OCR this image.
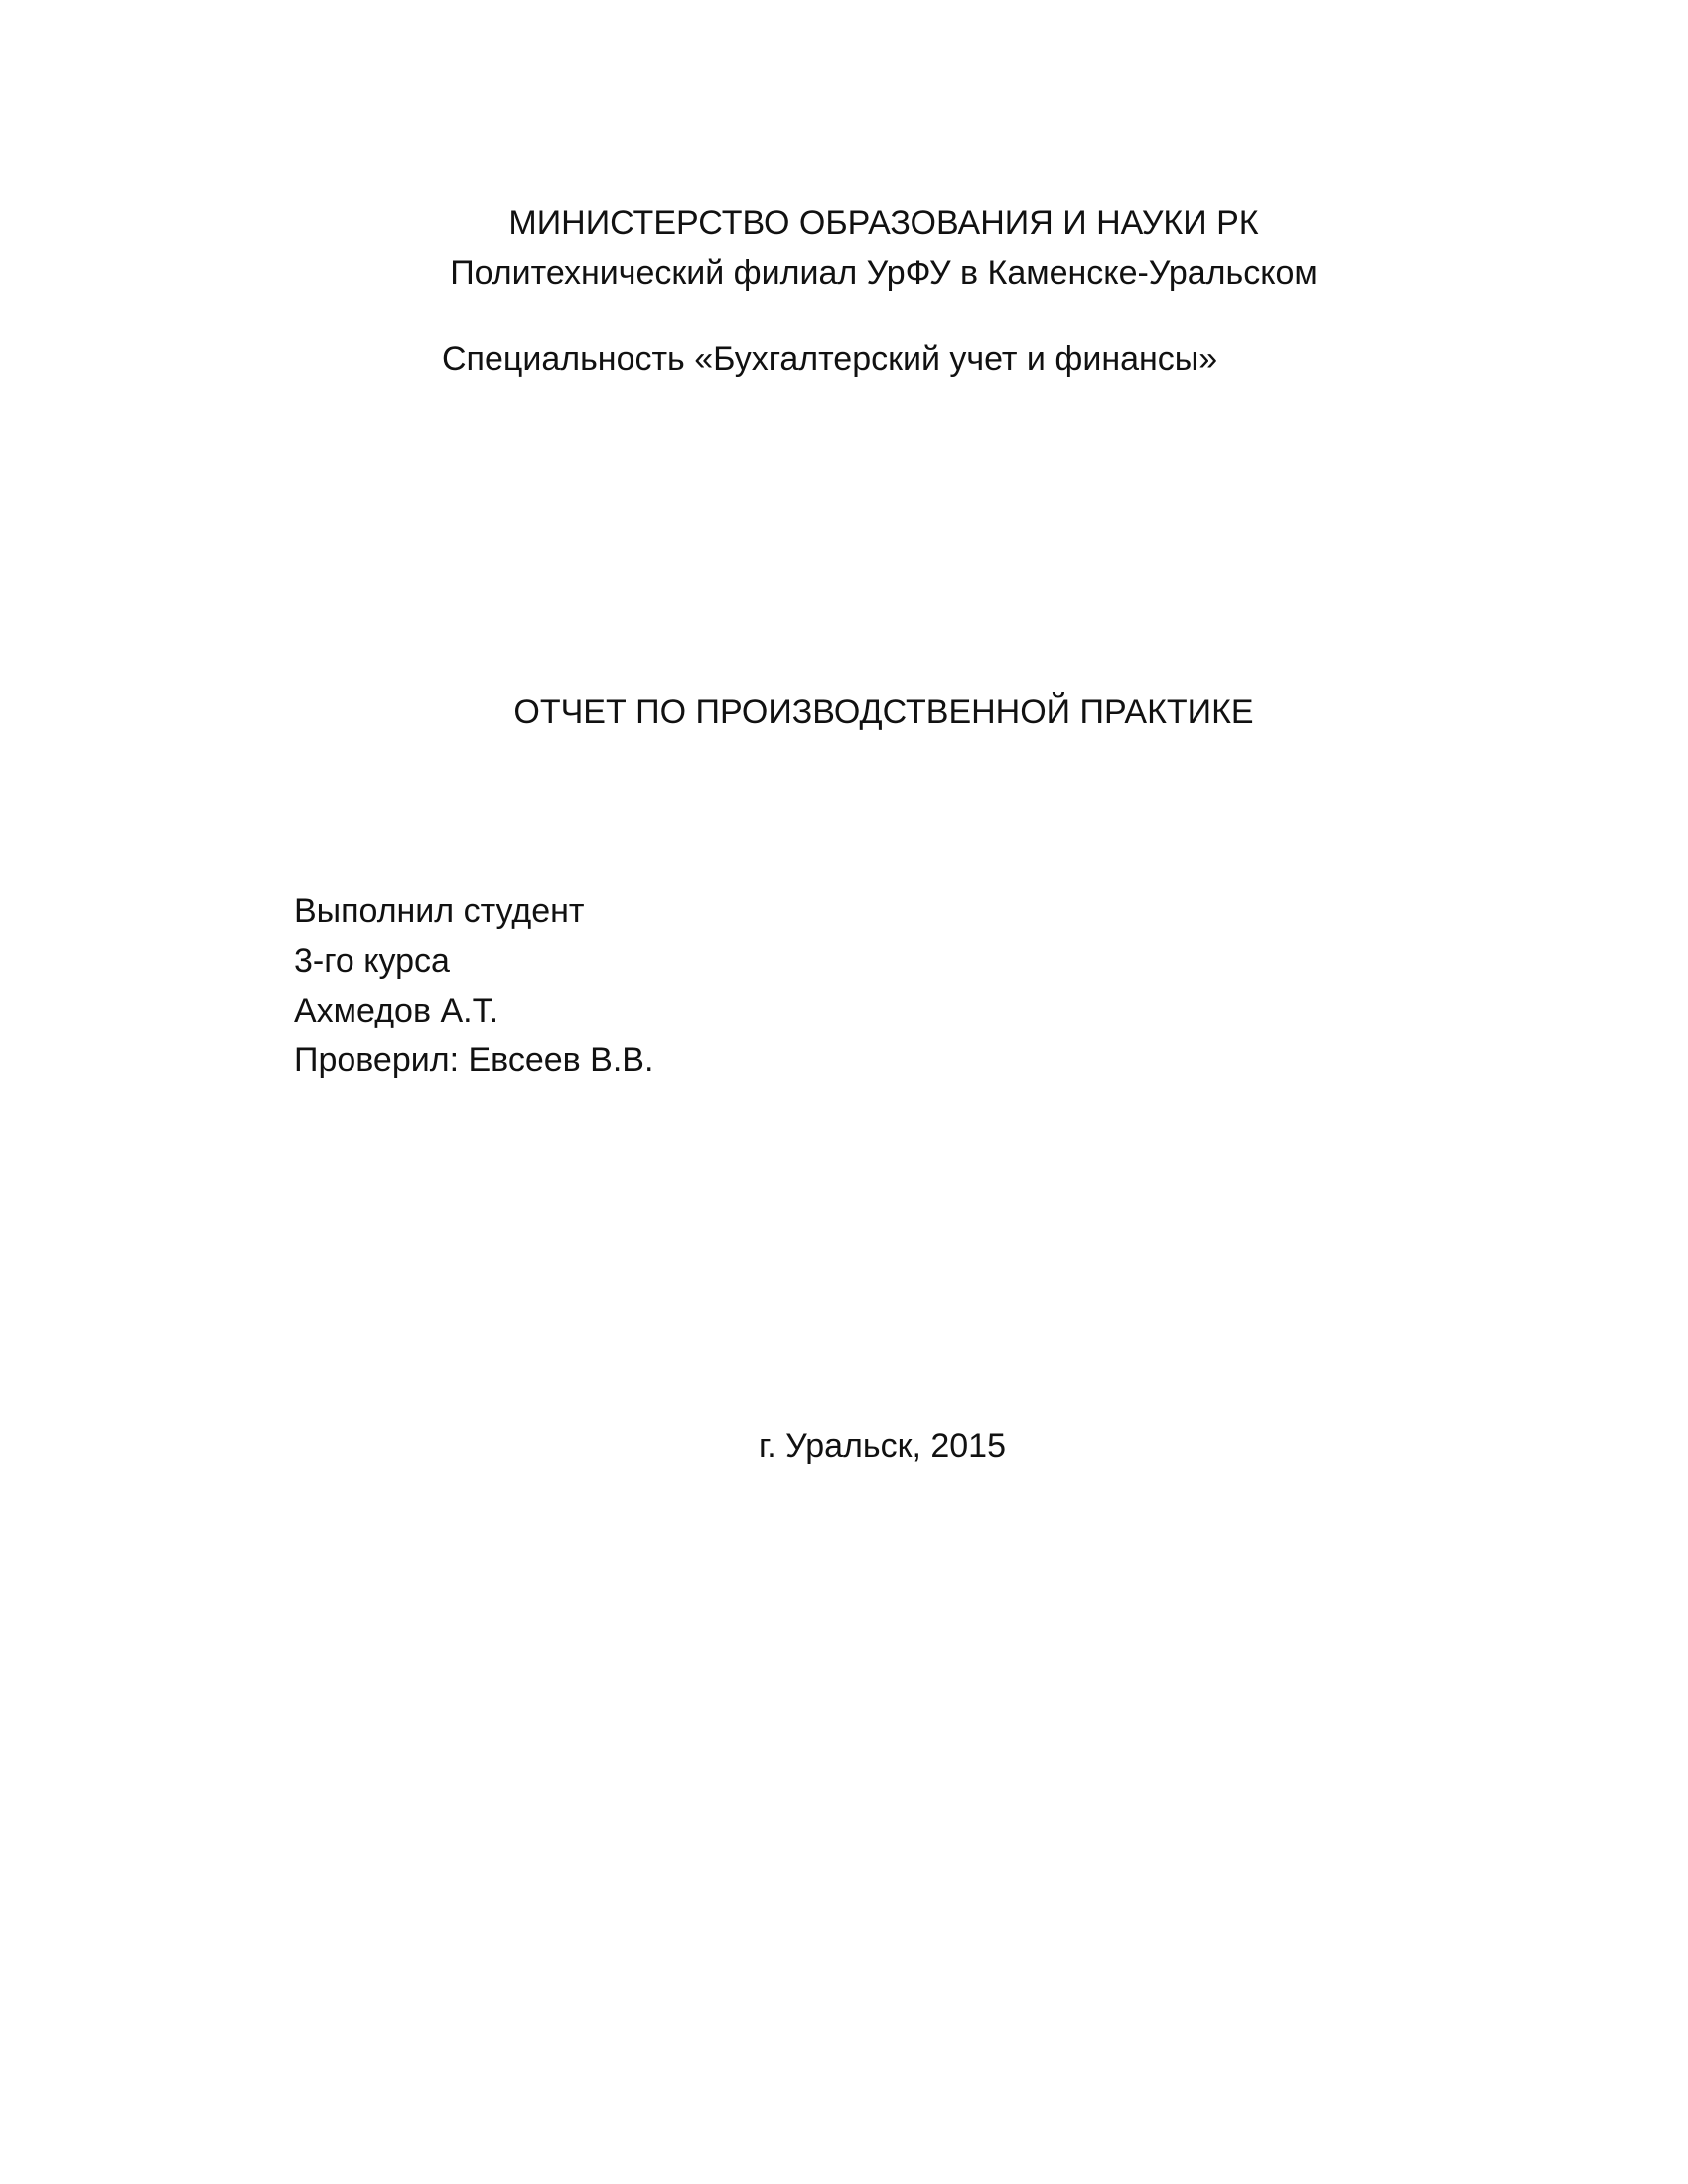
МИНИСТЕРСТВО ОБРАЗОВАНИЯ И НАУКИ РК
Политехнический филиал УрФУ в Каменске-Уральском
Специальность «Бухгалтерский учет и финансы»
ОТЧЕТ ПО ПРОИЗВОДСТВЕННОЙ ПРАКТИКЕ
Выполнил студент
3-го курса
Ахмедов А.Т.
Проверил: Евсеев В.В.
г. Уральск, 2015
